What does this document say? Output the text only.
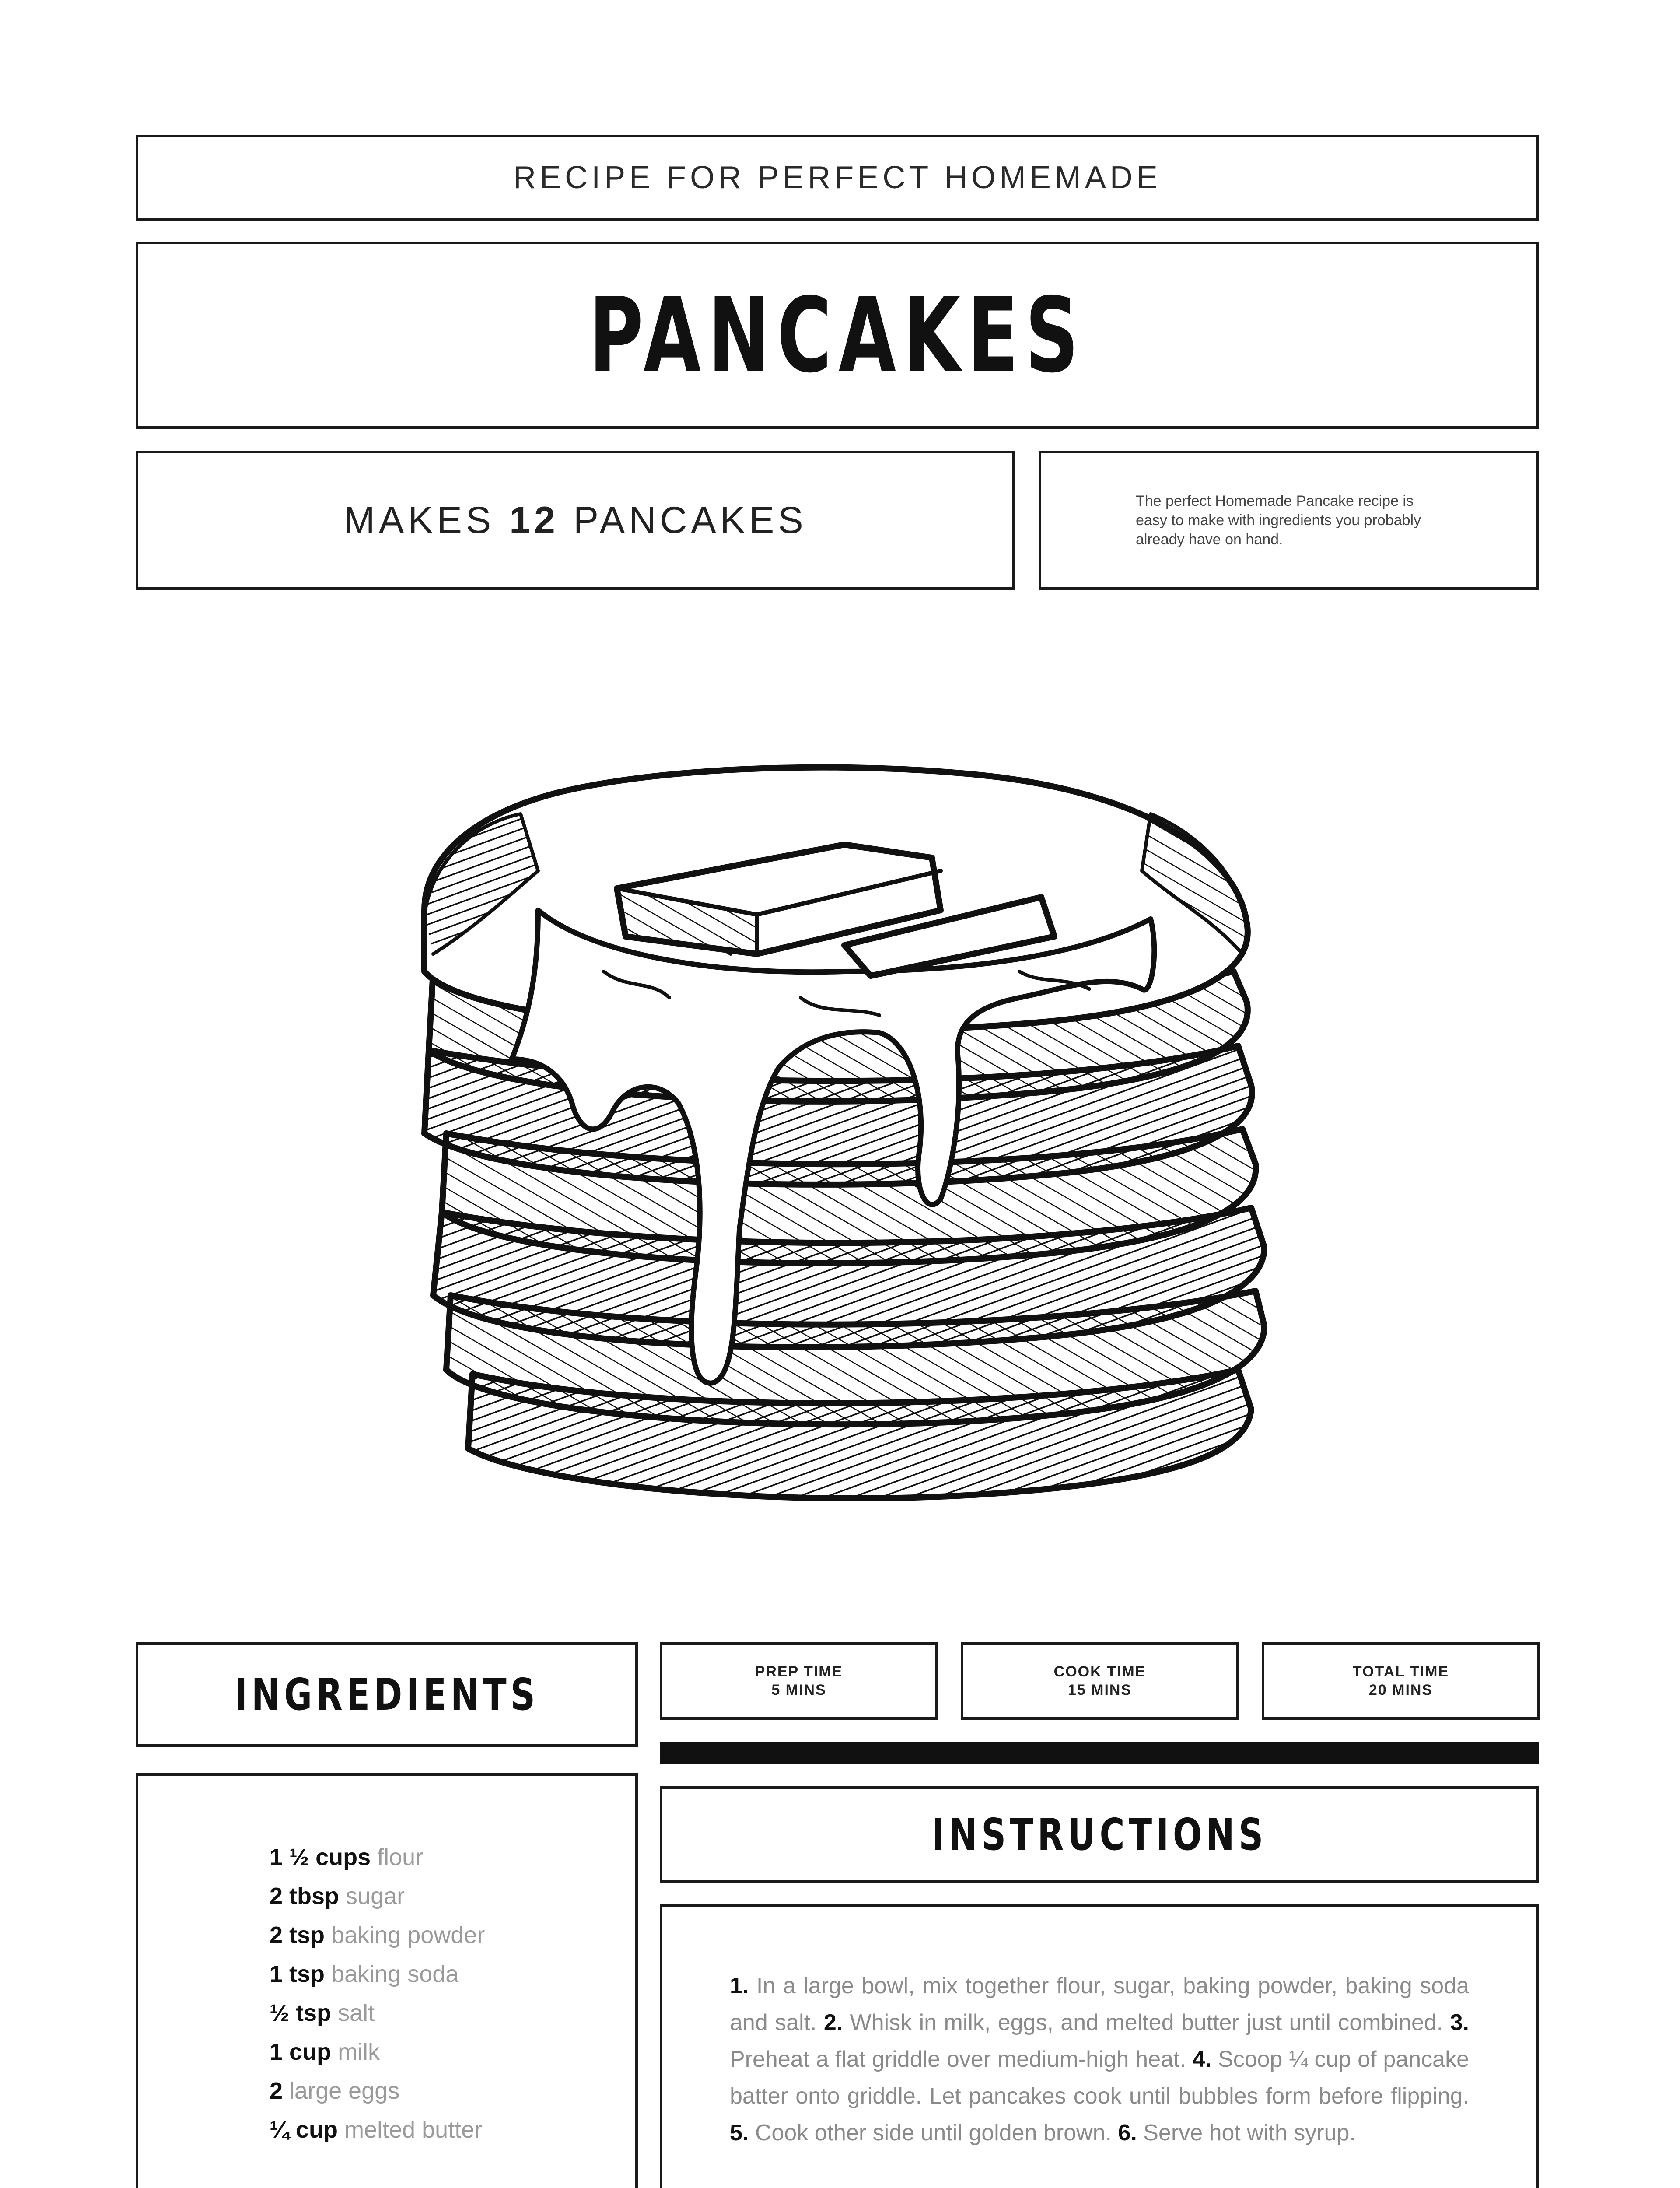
RECIPE FOR PERFECT HOMEMADE
PANCAKES
MAKES 12 PANCAKES	The perfect Homemade Pancake recipe is easy to make with ingredients you probably already have on hand.

INGREDIENTS	PREP TIME
5 MINS
COOK TIME
15 MINS
TOTAL TIME
20 MINS
INSTRUCTIONS
1 ½ cups flour
2 tbsp sugar
2 tsp baking powder
1 tsp baking soda
½ tsp salt
1 cup milk
2 large eggs
¼ cup melted butter
1. In a large bowl, mix together flour, sugar, baking powder, baking soda and salt. 2. Whisk in milk, eggs, and melted butter just until combined. 3. Preheat a flat griddle over medium-high heat. 4. Scoop ¼ cup of pancake batter onto griddle. Let pancakes cook until bubbles form before flipping. 5. Cook other side until golden brown. 6. Serve hot with syrup.
